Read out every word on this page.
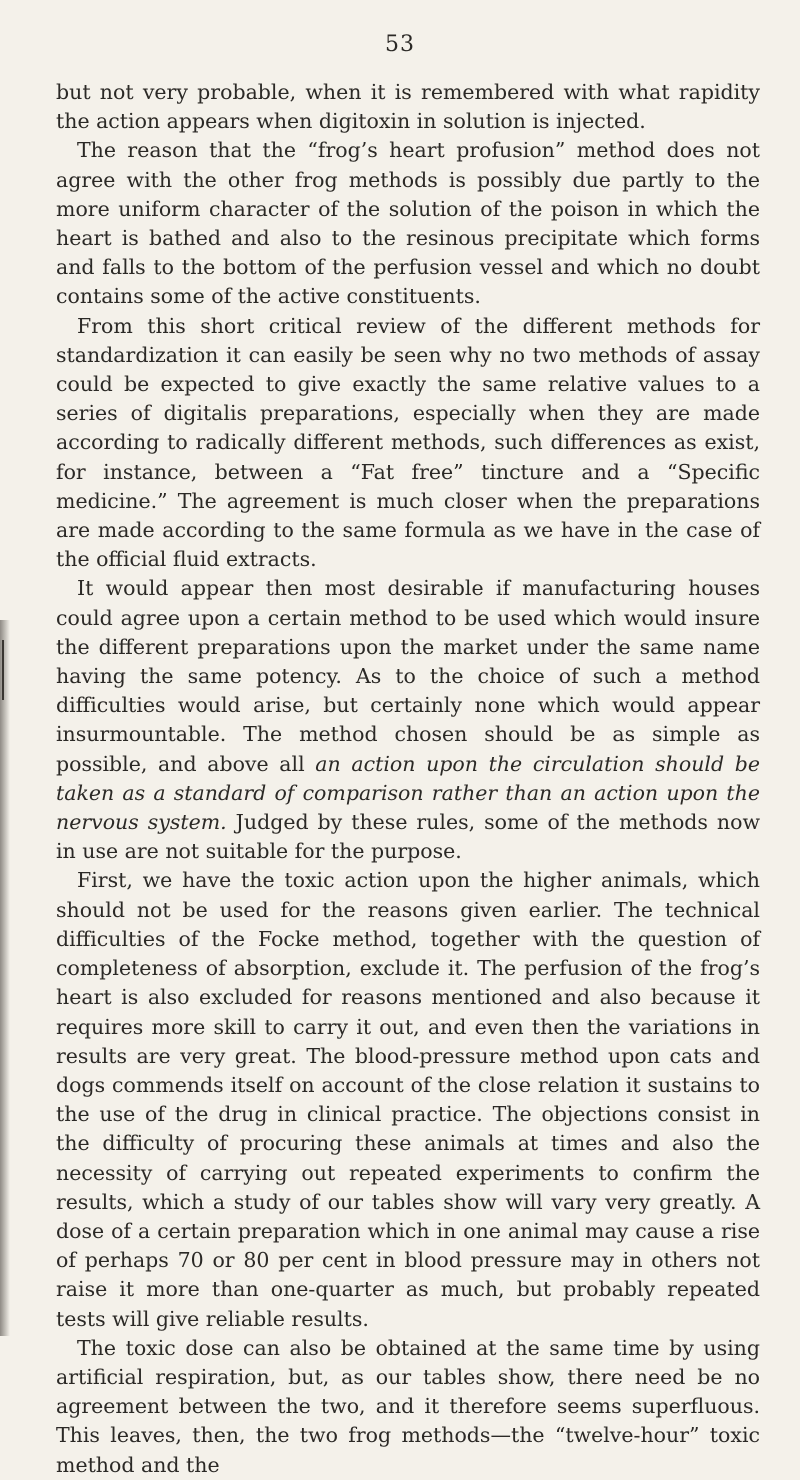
53

but not very probable, when it is remembered with what rapidity the action appears when digitoxin in solution is injected.

The reason that the “frog’s heart profusion” method does not agree with the other frog methods is possibly due partly to the more uniform character of the solution of the poison in which the heart is bathed and also to the resinous precipitate which forms and falls to the bottom of the perfusion vessel and which no doubt contains some of the active constituents.

From this short critical review of the different methods for standardization it can easily be seen why no two methods of assay could be expected to give exactly the same relative values to a series of digitalis preparations, especially when they are made according to radically different methods, such differences as exist, for instance, between a “Fat free” tincture and a “Specific medicine.” The agreement is much closer when the preparations are made according to the same formula as we have in the case of the official fluid extracts.

It would appear then most desirable if manufacturing houses could agree upon a certain method to be used which would insure the different preparations upon the market under the same name having the same potency. As to the choice of such a method difficulties would arise, but certainly none which would appear insurmountable. The method chosen should be as simple as possible, and above all an action upon the circulation should be taken as a standard of comparison rather than an action upon the nervous system. Judged by these rules, some of the methods now in use are not suitable for the purpose.

First, we have the toxic action upon the higher animals, which should not be used for the reasons given earlier. The technical difficulties of the Focke method, together with the question of completeness of absorption, exclude it. The perfusion of the frog’s heart is also excluded for reasons mentioned and also because it requires more skill to carry it out, and even then the variations in results are very great. The blood-pressure method upon cats and dogs commends itself on account of the close relation it sustains to the use of the drug in clinical practice. The objections consist in the difficulty of procuring these animals at times and also the necessity of carrying out repeated experiments to confirm the results, which a study of our tables show will vary very greatly. A dose of a certain preparation which in one animal may cause a rise of perhaps 70 or 80 per cent in blood pressure may in others not raise it more than one-quarter as much, but probably repeated tests will give reliable results.

The toxic dose can also be obtained at the same time by using artificial respiration, but, as our tables show, there need be no agreement between the two, and it therefore seems superfluous. This leaves, then, the two frog methods—the “twelve-hour” toxic method and the
